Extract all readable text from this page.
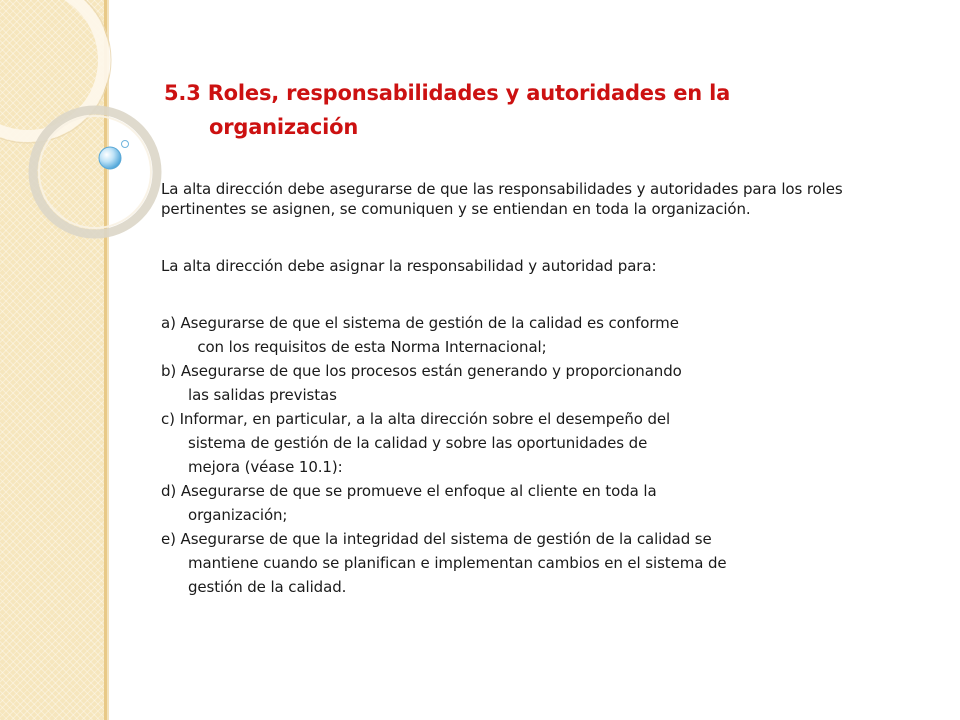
5.3 Roles, responsabilidades y autoridades en la
organización

La alta dirección debe asegurarse de que las responsabilidades y autoridades para los roles pertinentes se asignen, se comuniquen y se entiendan en toda la organización.

La alta dirección debe asignar la responsabilidad y autoridad para:

a) Asegurarse de que el sistema de gestión de la calidad es conforme
con los requisitos de esta Norma Internacional;
b) Asegurarse de que los procesos están generando y proporcionando
las salidas previstas
c) Informar, en particular, a la alta dirección sobre el desempeño del
sistema de gestión de la calidad y sobre las oportunidades de
mejora (véase 10.1):
d) Asegurarse de que se promueve el enfoque al cliente en toda la
organización;
e) Asegurarse de que la integridad del sistema de gestión de la calidad se
mantiene cuando se planifican e implementan cambios en el sistema de
gestión de la calidad.
